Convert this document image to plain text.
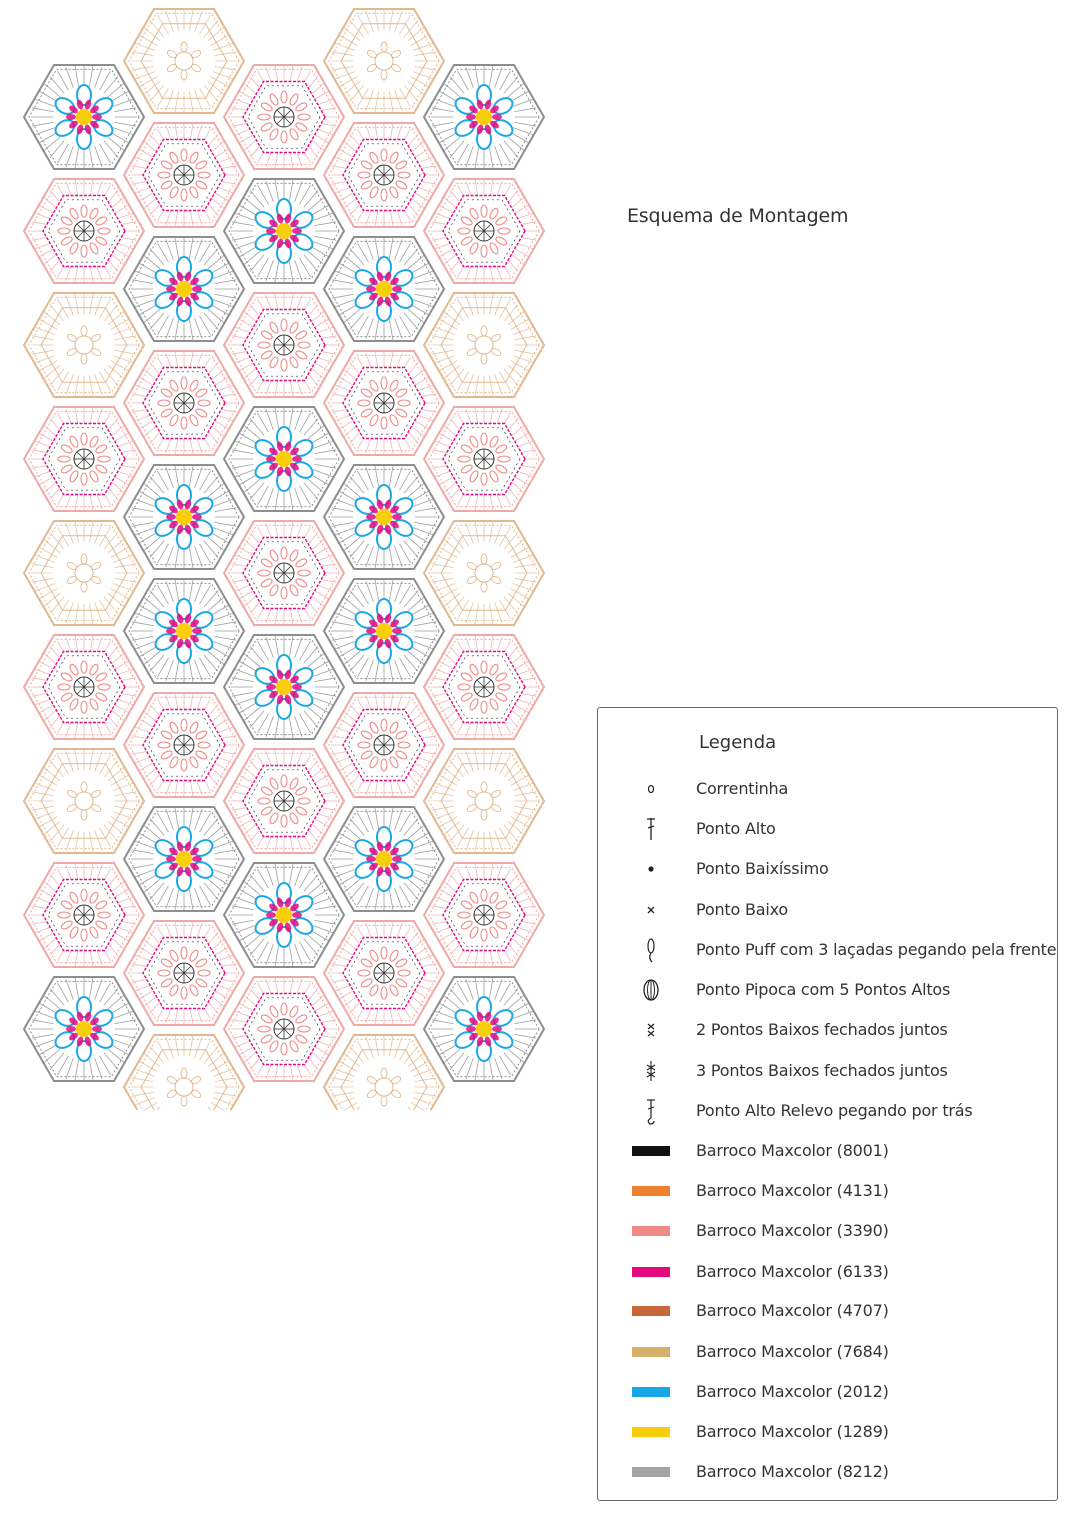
Esquema de Montagem
Legenda
Correntinha
Ponto Alto
Ponto Baixíssimo
Ponto Baixo
Ponto Puff com 3 laçadas pegando pela frente
Ponto Pipoca com 5 Pontos Altos
2 Pontos Baixos fechados juntos
3 Pontos Baixos fechados juntos
Ponto Alto Relevo pegando por trás
Barroco Maxcolor (8001)
Barroco Maxcolor (4131)
Barroco Maxcolor (3390)
Barroco Maxcolor (6133)
Barroco Maxcolor (4707)
Barroco Maxcolor (7684)
Barroco Maxcolor (2012)
Barroco Maxcolor (1289)
Barroco Maxcolor (8212)
